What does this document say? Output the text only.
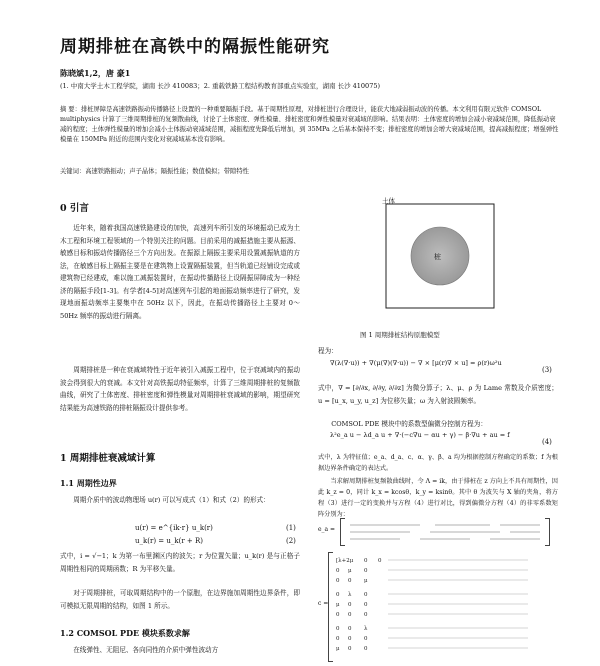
周期排桩在高铁中的隔振性能研究
陈晓斌1,2，唐 豪1
(1. 中南大学土木工程学院，湖南 长沙 410083；2. 重载铁路工程结构教育部重点实验室，湖南 长沙 410075)
摘 要：排桩屏障是高速铁路振动传播路径上设置的一种重要隔振手段。基于周期性原理，对排桩进行合理设计，能获大地减弱振动波的传播。本文利用有限元软件 COMSOL multiphysics 计算了三维周期排桩的复频散曲线，讨论了土体密度、弹性模量、排桩密度和弹性模量对衰减域的影响。结果表明：土体密度的增加会减小衰减域范围，降低振动衰减的程度；土体弹性模量的增加会减小土体振动衰减域范围，减振程度先降低后增加，到 35MPa 之后基本保持不变；排桩密度的增加会增大衰减域范围，提高减振程度；增强弹性模量在 150MPa 附近的范围内变化对衰减域基本没有影响。
关键词：高速铁路振动；声子晶体；隔振性能；数值模拟；带隙特性
0 引言
近年来，随着我国高速铁路建设的加快，高速列车所引发的环境振动已成为土木工程和环境工程领域的一个特别关注的问题。目前采用的减振措施主要从振源、敏感目标和振动传播路径三个方向出发。在振源上隔振主要采用设置减振轨道的方法，在敏感目标上隔振主要是在建筑物上设置隔振装置，但当轨道已经铺设完成或建筑物已经建成，难以施工减振装置时，在振动传播路径上设隔振屏障成为一种经济的隔振手段[1-3]。有学者[4-5]对高速列车引起的地面振动频率进行了研究，发现地面振动频率主要集中在 50Hz 以下，因此，在振动传播路径上主要对 0～50Hz 频率的振动进行隔离。
周期排桩是一种在衰减域特性于近年被引入减振工程中，位于衰减域内的振动波会得到很大的衰减。本文针对高铁振动特征频率，计算了三维周期排桩的复频散曲线，研究了土体密度、排桩密度和弹性模量对周期排桩衰减域的影响，期望研究结果能为高速铁路的排桩隔振设计提供参考。
1 周期排桩衰减域计算
1.1 周期性边界
周期介质中的波动物理场 u(r) 可以写成式（1）和式（2）的形式：
u(r) = e^{ik·r} u_k(r)	(1)
u_k(r) = u_k(r + R)	(2)
式中，i = √−1；k 为第一布里渊区内的波矢；r 为位置矢量；u_k(r) 是与正格子周期性相同的周期函数；R 为平移矢量。
对于周期排桩，可取周期结构中的一个原胞，在边界施加周期性边界条件，即可模拟无限周期的结构，如图 1 所示。
1.2 COMSOL PDE 模块系数求解
在线弹性、无阻尼、各向同性的介质中弹性波动方
土体
桩
图 1 周期排桩结构原胞模型
程为：
∇(λ(∇·u)) + ∇(μ(∇)(∇·u)) − ∇ × [μ(r)∇ × u] = ρ(r)ω²u
(3)
式中，∇ = [∂/∂x, ∂/∂y, ∂/∂z] 为微分算子；λ、μ、ρ 为 Lame 常数及介质密度；u = [u_x, u_y, u_z] 为位移矢量；ω 为入射波圆频率。
COMSOL PDE 模块中的系数型偏微分控制方程为：
λ²e_a u − λd_a u + ∇·(−c∇u − αu + γ) − β·∇u + au = f
(4)
式中，λ 为特征值；e_a、d_a、c、α、γ、β、a 均为根据控制方程确定的系数；f 为根据边界条件确定的表达式。
当求解周期排桩复频散曲线时，令 Λ = ik，由于排桩在 z 方向上不具有周期性，因此 k_z = 0，同计 k_x = kcosθ，k_y = ksinθ。其中 θ 为波矢与 X 轴的夹角，将方程（3）进行一定的变换并与方程（4）进行对比，得到偏微分方程（4）的非零系数矩阵分别为：
e_a =
c =
[λ+2μ 0 0
0 μ 0
0 0 μ
0 λ 0
μ 0 0
0 0 0
0 0 λ
0 0 0
μ 0 0
